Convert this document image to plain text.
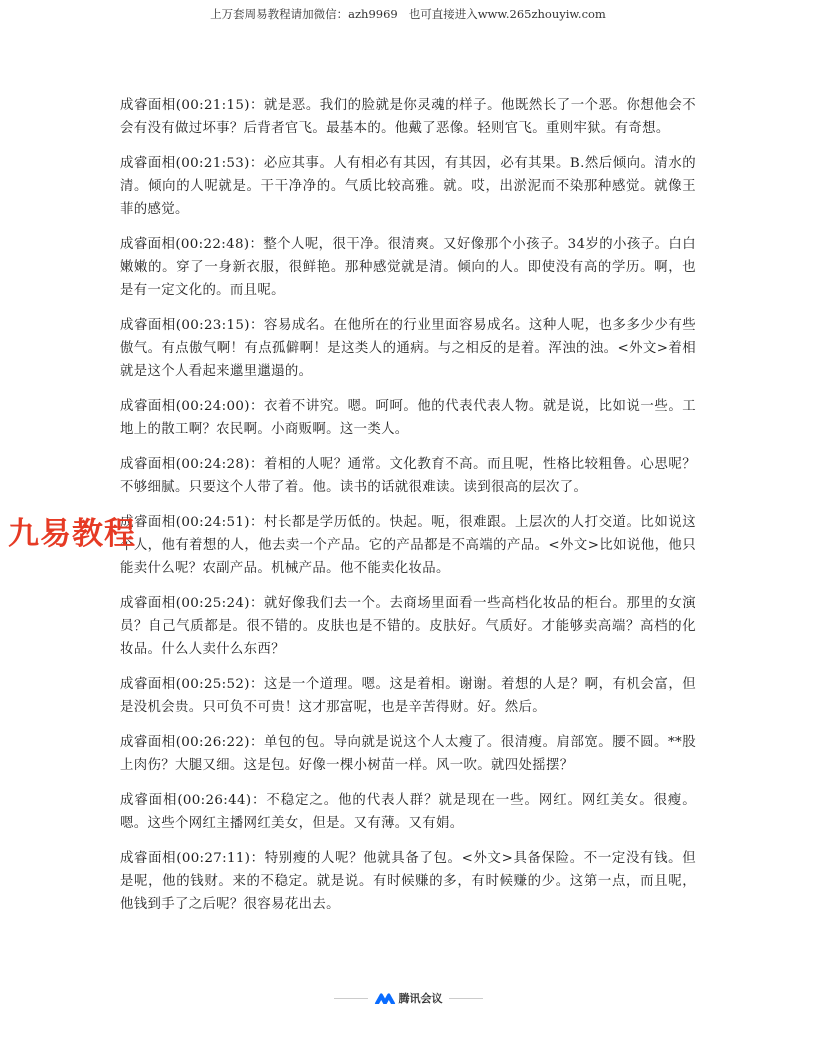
上万套周易教程请加微信：azh9969   也可直接进入www.265zhouyiw.com

成睿面相(00:21:15)：就是恶。我们的脸就是你灵魂的样子。他既然长了一个恶。你想他会不会有没有做过坏事？后背者官飞。最基本的。他戴了恶像。轻则官飞。重则牢狱。有奇想。

成睿面相(00:21:53)：必应其事。人有相必有其因，有其因，必有其果。B.然后倾向。清水的清。倾向的人呢就是。干干净净的。气质比较高雅。就。哎，出淤泥而不染那种感觉。就像王菲的感觉。

成睿面相(00:22:48)：整个人呢，很干净。很清爽。又好像那个小孩子。34岁的小孩子。白白嫩嫩的。穿了一身新衣服，很鲜艳。那种感觉就是清。倾向的人。即使没有高的学历。啊，也是有一定文化的。而且呢。

成睿面相(00:23:15)：容易成名。在他所在的行业里面容易成名。这种人呢，也多多少少有些傲气。有点傲气啊！有点孤僻啊！是这类人的通病。与之相反的是着。浑浊的浊。<外文>着相就是这个人看起来邋里邋遢的。

成睿面相(00:24:00)：衣着不讲究。嗯。呵呵。他的代表代表人物。就是说，比如说一些。工地上的散工啊？农民啊。小商贩啊。这一类人。

成睿面相(00:24:28)：着相的人呢？通常。文化教育不高。而且呢，性格比较粗鲁。心思呢？不够细腻。只要这个人带了着。他。读书的话就很难读。读到很高的层次了。

成睿面相(00:24:51)：村长都是学历低的。快起。呃，很难跟。上层次的人打交道。比如说这个人，他有着想的人，他去卖一个产品。它的产品都是不高端的产品。<外文>比如说他，他只能卖什么呢？农副产品。机械产品。他不能卖化妆品。

成睿面相(00:25:24)：就好像我们去一个。去商场里面看一些高档化妆品的柜台。那里的女演员？自己气质都是。很不错的。皮肤也是不错的。皮肤好。气质好。才能够卖高端？高档的化妆品。什么人卖什么东西？

成睿面相(00:25:52)：这是一个道理。嗯。这是着相。谢谢。着想的人是？啊，有机会富，但是没机会贵。只可负不可贵！这才那富呢，也是辛苦得财。好。然后。

成睿面相(00:26:22)：单包的包。导向就是说这个人太瘦了。很清瘦。肩部宽。腰不圆。**股上肉伤？大腿又细。这是包。好像一棵小树苗一样。风一吹。就四处摇摆？

成睿面相(00:26:44)：不稳定之。他的代表人群？就是现在一些。网红。网红美女。很瘦。嗯。这些个网红主播网红美女，但是。又有薄。又有娟。

成睿面相(00:27:11)：特别瘦的人呢？他就具备了包。<外文>具备保险。不一定没有钱。但是呢，他的钱财。来的不稳定。就是说。有时候赚的多，有时候赚的少。这第一点，而且呢，他钱到手了之后呢？很容易花出去。

九易教程
腾讯会议
